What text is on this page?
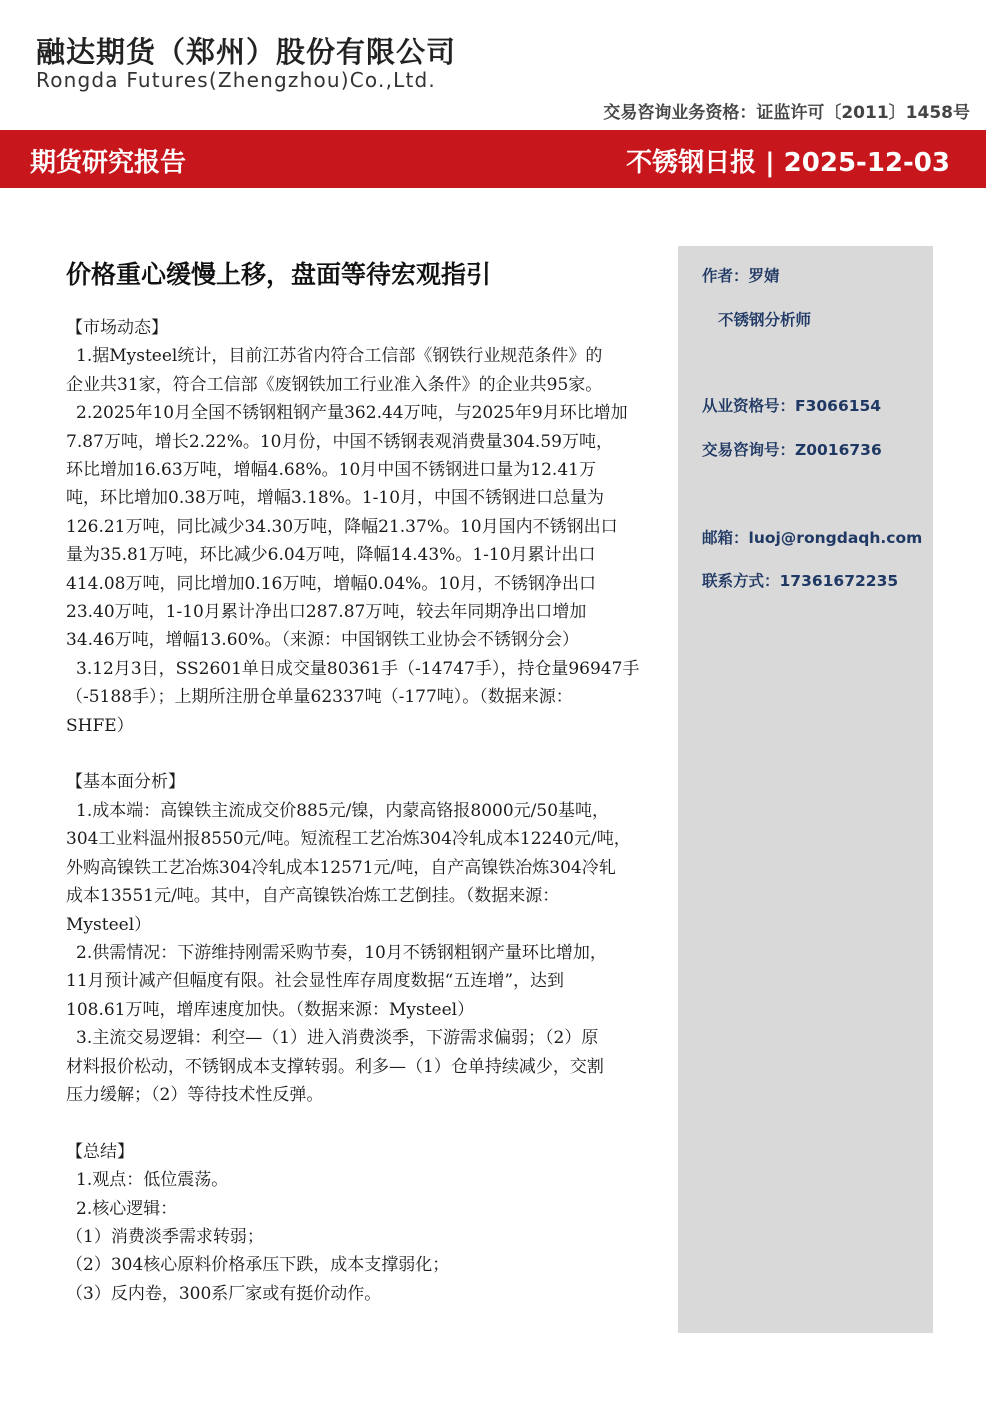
融达期货（郑州）股份有限公司
Rongda Futures(Zhengzhou)Co.,Ltd.
交易咨询业务资格：证监许可〔2011〕1458号
期货研究报告	不锈钢日报 | 2025-12-03
价格重心缓慢上移，盘面等待宏观指引

【市场动态】

1.据Mysteel统计，目前江苏省内符合工信部《钢铁行业规范条件》的

企业共31家，符合工信部《废钢铁加工行业准入条件》的企业共95家。

2.2025年10月全国不锈钢粗钢产量362.44万吨，与2025年9月环比增加

7.87万吨，增长2.22%。10月份，中国不锈钢表观消费量304.59万吨，

环比增加16.63万吨，增幅4.68%。10月中国不锈钢进口量为12.41万

吨，环比增加0.38万吨，增幅3.18%。1-10月，中国不锈钢进口总量为

126.21万吨，同比减少34.30万吨，降幅21.37%。10月国内不锈钢出口

量为35.81万吨，环比减少6.04万吨，降幅14.43%。1-10月累计出口

414.08万吨，同比增加0.16万吨，增幅0.04%。10月，不锈钢净出口

23.40万吨，1-10月累计净出口287.87万吨，较去年同期净出口增加

34.46万吨，增幅13.60%。（来源：中国钢铁工业协会不锈钢分会）

3.12月3日，SS2601单日成交量80361手（-14747手），持仓量96947手

（-5188手）；上期所注册仓单量62337吨（-177吨）。（数据来源：

SHFE）

【基本面分析】

1.成本端：高镍铁主流成交价885元/镍，内蒙高铬报8000元/50基吨，

304工业料温州报8550元/吨。短流程工艺冶炼304冷轧成本12240元/吨，

外购高镍铁工艺冶炼304冷轧成本12571元/吨，自产高镍铁冶炼304冷轧

成本13551元/吨。其中，自产高镍铁冶炼工艺倒挂。（数据来源：

Mysteel）

2.供需情况：下游维持刚需采购节奏，10月不锈钢粗钢产量环比增加，

11月预计减产但幅度有限。社会显性库存周度数据“五连增”，达到

108.61万吨，增库速度加快。（数据来源：Mysteel）

3.主流交易逻辑：利空—（1）进入消费淡季，下游需求偏弱；（2）原

材料报价松动，不锈钢成本支撑转弱。利多—（1）仓单持续减少，交割

压力缓解；（2）等待技术性反弹。

【总结】

1.观点：低位震荡。

2.核心逻辑：

（1）消费淡季需求转弱；

（2）304核心原料价格承压下跌，成本支撑弱化；

（3）反内卷，300系厂家或有挺价动作。

作者：罗婧
不锈钢分析师
从业资格号：F3066154
交易咨询号：Z0016736
邮箱：luoj@rongdaqh.com
联系方式：17361672235
